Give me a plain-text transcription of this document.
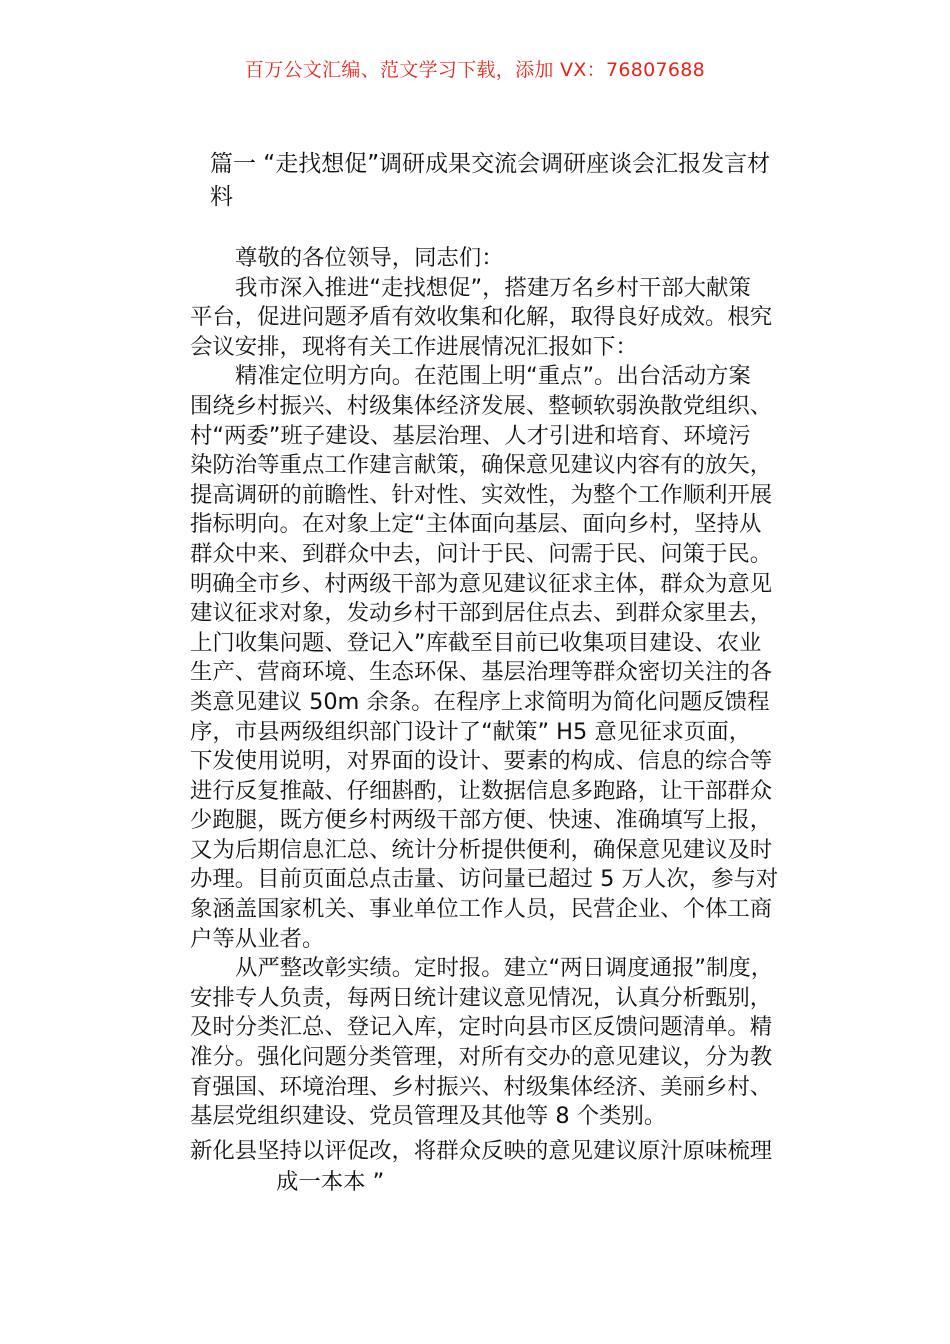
百万公文汇编、范文学习下载，添加 VX：76807688
篇一 “走找想促”调研成果交流会调研座谈会汇报发言材
料

尊敬的各位领导，同志们：

我市深入推进“走找想促”，搭建万名乡村干部大献策

平台，促进问题矛盾有效收集和化解，取得良好成效。根究

会议安排，现将有关工作进展情况汇报如下：

精准定位明方向。在范围上明“重点”。出台活动方案

围绕乡村振兴、村级集体经济发展、整顿软弱涣散党组织、

村“两委”班子建设、基层治理、人才引进和培育、环境污

染防治等重点工作建言献策，确保意见建议内容有的放矢，

提高调研的前瞻性、针对性、实效性，为整个工作顺利开展

指标明向。在对象上定“主体面向基层、面向乡村，坚持从

群众中来、到群众中去，问计于民、问需于民、问策于民。

明确全市乡、村两级干部为意见建议征求主体，群众为意见

建议征求对象，发动乡村干部到居住点去、到群众家里去，

上门收集问题、登记入”库截至目前已收集项目建设、农业

生产、营商环境、生态环保、基层治理等群众密切关注的各

类意见建议 50m 余条。在程序上求简明为简化问题反馈程

序，市县两级组织部门设计了“献策” H5 意见征求页面，

下发使用说明，对界面的设计、要素的构成、信息的综合等

进行反复推敲、仔细斟酌，让数据信息多跑路，让干部群众

少跑腿，既方便乡村两级干部方便、快速、准确填写上报，

又为后期信息汇总、统计分析提供便利，确保意见建议及时

办理。目前页面总点击量、访问量已超过 5 万人次，参与对

象涵盖国家机关、事业单位工作人员，民营企业、个体工商

户等从业者。

从严整改彰实绩。定时报。建立“两日调度通报”制度，

安排专人负责，每两日统计建议意见情况，认真分析甄别，

及时分类汇总、登记入库，定时向县市区反馈问题清单。精

准分。强化问题分类管理，对所有交办的意见建议，分为教

育强国、环境治理、乡村振兴、村级集体经济、美丽乡村、

基层党组织建设、党员管理及其他等 8 个类别。

新化县坚持以评促改，将群众反映的意见建议原汁原味梳理
成一本本 ”
